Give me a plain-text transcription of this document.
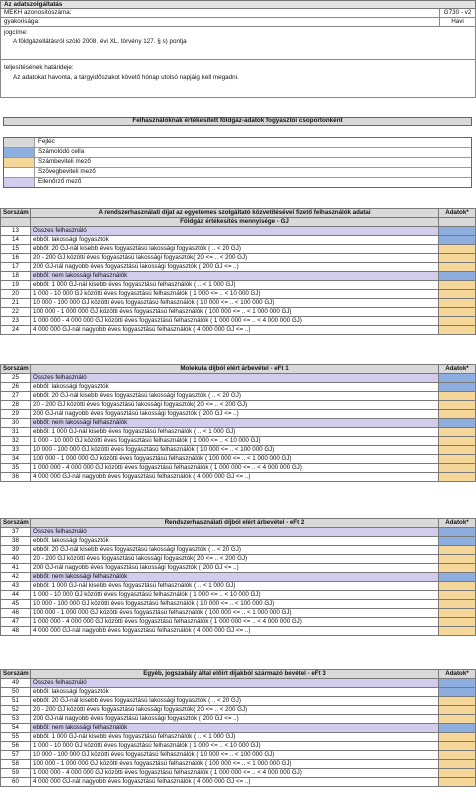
Az adatszolgáltatás
MEKH azonosítószáma:	G730 - v2
gyakorisága:	Havi
jogcíme:
A földgázellátásról szóló 2008. évi XL. törvény 127. § s) pontja
teljesítésének határideje:
Az adatokat havonta, a tárgyidőszakot követő hónap utolsó napjáig kell megadni.
Felhasználóknak értékesített földgáz-adatok fogyasztói csoportonként
Fejléc
Számolódó cella
Számbeviteli mező
Szövegbeviteli mező
Ellenőrző mező
Sorszám	A rendszerhasználati díjat az egyetemes szolgáltató közvetítésével fizető felhasználók adatai	Adatok*
	Földgáz értékesítés mennyisége - GJ	
13	Összes felhasználó	
14	ebből: lakossági fogyasztók	
15	ebből: 20 GJ-nál kisebb éves fogyasztású lakossági fogyasztók ( .. < 20 GJ)	
16	20 - 200 GJ közötti éves fogyasztású lakossági fogyasztók( 20 <= .. < 200 GJ)	
17	200 GJ-nál nagyobb éves fogyasztású lakossági fogyasztók ( 200 GJ <= ..)	
18	ebből: nem lakossági felhasználók	
19	ebből: 1 000 GJ-nál kisebb éves fogyasztású felhasználók ( .. < 1 000 GJ)	
20	1 000 - 10 000 GJ közötti éves fogyasztású felhasználók ( 1 000 <= .. < 10 000 GJ)	
21	10 000 - 100 000 GJ közötti éves fogyasztású felhasználók ( 10 000 <= .. < 100 000 GJ)	
22	100 000 - 1 000 000 GJ közötti éves fogyasztású felhasználók ( 100 000 <= .. < 1 000 000 GJ)	
23	1 000 000 - 4 000 000 GJ közötti éves fogyasztású felhasználók ( 1 000 000 <= .. < 4 000 000 GJ)	
24	4 000 000 GJ-nál nagyobb éves fogyasztású felhasználók ( 4 000 000 GJ <= ..)	
Sorszám	Molekula díjból elért árbevétel - eFt 1	Adatok*
25	Összes felhasználó	
26	ebből: lakossági fogyasztók	
27	ebből: 20 GJ-nál kisebb éves fogyasztású lakossági fogyasztók ( .. < 20 GJ)	
28	20 - 200 GJ közötti éves fogyasztású lakossági fogyasztók( 20 <= .. < 200 GJ)	
29	200 GJ-nál nagyobb éves fogyasztású lakossági fogyasztók ( 200 GJ <= ..)	
30	ebből: nem lakossági felhasználók	
31	ebből: 1 000 GJ-nál kisebb éves fogyasztású felhasználók ( .. < 1 000 GJ)	
32	1 000 - 10 000 GJ közötti éves fogyasztású felhasználók ( 1 000 <= .. < 10 000 GJ)	
33	10 000 - 100 000 GJ közötti éves fogyasztású felhasználók ( 10 000 <= .. < 100 000 GJ)	
34	100 000 - 1 000 000 GJ közötti éves fogyasztású felhasználók ( 100 000 <= .. < 1 000 000 GJ)	
35	1 000 000 - 4 000 000 GJ közötti éves fogyasztású felhasználók ( 1 000 000 <= .. < 4 000 000 GJ)	
36	4 000 000 GJ-nál nagyobb éves fogyasztású felhasználók ( 4 000 000 GJ <= ..)	
Sorszám	Rendszerhasználati díjból elért árbevétel - eFt 2	Adatok*
37	Összes felhasználó	
38	ebből: lakossági fogyasztók	
39	ebből: 20 GJ-nál kisebb éves fogyasztású lakossági fogyasztók ( .. < 20 GJ)	
40	20 - 200 GJ közötti éves fogyasztású lakossági fogyasztók( 20 <= .. < 200 GJ)	
41	200 GJ-nál nagyobb éves fogyasztású lakossági fogyasztók ( 200 GJ <= ..)	
42	ebből: nem lakossági felhasználók	
43	ebből: 1 000 GJ-nál kisebb éves fogyasztású felhasználók ( .. < 1 000 GJ)	
44	1 000 - 10 000 GJ közötti éves fogyasztású felhasználók ( 1 000 <= .. < 10 000 GJ)	
45	10 000 - 100 000 GJ közötti éves fogyasztású felhasználók ( 10 000 <= .. < 100 000 GJ)	
46	100 000 - 1 000 000 GJ közötti éves fogyasztású felhasználók ( 100 000 <= .. < 1 000 000 GJ)	
47	1 000 000 - 4 000 000 GJ közötti éves fogyasztású felhasználók ( 1 000 000 <= .. < 4 000 000 GJ)	
48	4 000 000 GJ-nál nagyobb éves fogyasztású felhasználók ( 4 000 000 GJ <= ..)	
Sorszám	Egyéb, jogszabály által előírt díjakból származó bevétel - eFt 3	Adatok*
49	Összes felhasználó	
50	ebből: lakossági fogyasztók	
51	ebből: 20 GJ-nál kisebb éves fogyasztású lakossági fogyasztók ( .. < 20 GJ)	
52	20 - 200 GJ közötti éves fogyasztású lakossági fogyasztók( 20 <= .. < 200 GJ)	
53	200 GJ-nál nagyobb éves fogyasztású lakossági fogyasztók ( 200 GJ <= ..)	
54	ebből: nem lakossági felhasználók	
55	ebből: 1 000 GJ-nál kisebb éves fogyasztású felhasználók ( .. < 1 000 GJ)	
56	1 000 - 10 000 GJ közötti éves fogyasztású felhasználók ( 1 000 <= .. < 10 000 GJ)	
57	10 000 - 100 000 GJ közötti éves fogyasztású felhasználók ( 10 000 <= .. < 100 000 GJ)	
58	100 000 - 1 000 000 GJ közötti éves fogyasztású felhasználók ( 100 000 <= .. < 1 000 000 GJ)	
59	1 000 000 - 4 000 000 GJ közötti éves fogyasztású felhasználók ( 1 000 000 <= .. < 4 000 000 GJ)	
60	4 000 000 GJ-nál nagyobb éves fogyasztású felhasználók ( 4 000 000 GJ <= ..)	
